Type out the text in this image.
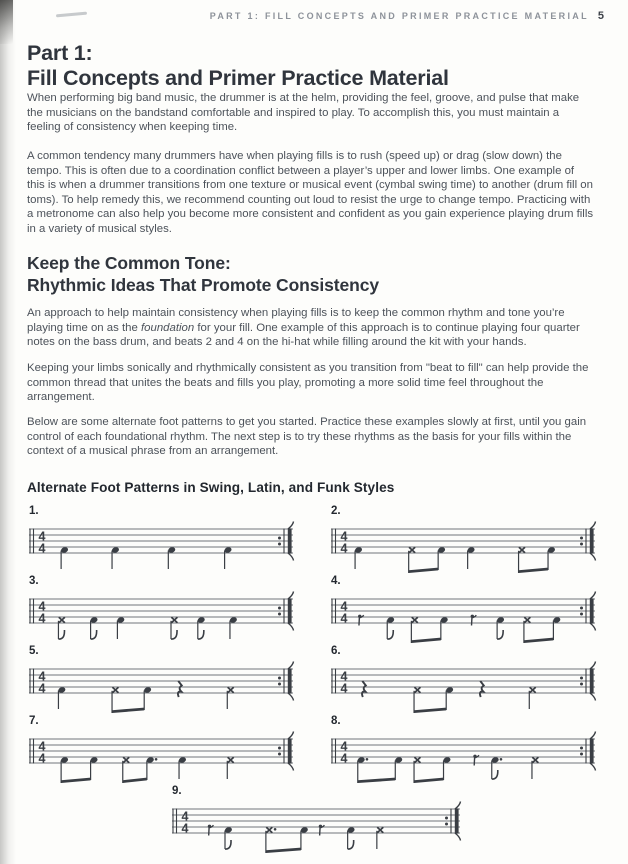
PART 1: FILL CONCEPTS AND PRIMER PRACTICE MATERIAL 5
Part 1:
Fill Concepts and Primer Practice Material

When performing big band music, the drummer is at the helm, providing the feel, groove, and pulse that make the musicians on the bandstand comfortable and inspired to play. To accomplish this, you must maintain a feeling of consistency when keeping time.

A common tendency many drummers have when playing fills is to rush (speed up) or drag (slow down) the tempo. This is often due to a coordination conflict between a player’s upper and lower limbs. One example of this is when a drummer transitions from one texture or musical event (cymbal swing time) to another (drum fill on toms). To help remedy this, we recommend counting out loud to resist the urge to change tempo. Practicing with a metronome can also help you become more consistent and confident as you gain experience playing drum fills in a variety of musical styles.

Keep the Common Tone:
Rhythmic Ideas That Promote Consistency

An approach to help maintain consistency when playing fills is to keep the common rhythm and tone you’re playing time on as the foundation for your fill. One example of this approach is to continue playing four quarter notes on the bass drum, and beats 2 and 4 on the hi-hat while filling around the kit with your hands.

Keeping your limbs sonically and rhythmically consistent as you transition from "beat to fill" can help provide the common thread that unites the beats and fills you play, promoting a more solid time feel throughout the arrangement.

Below are some alternate foot patterns to get you started. Practice these examples slowly at first, until you gain control of each foundational rhythm. The next step is to try these rhythms as the basis for your fills within the context of a musical phrase from an arrangement.

Alternate Foot Patterns in Swing, Latin, and Funk Styles
1.
4
4
2.
4
4
3.
4
4
4.
4
4
5.
4
4
6.
4
4
7.
4
4
8.
4
4
9.
4
4
